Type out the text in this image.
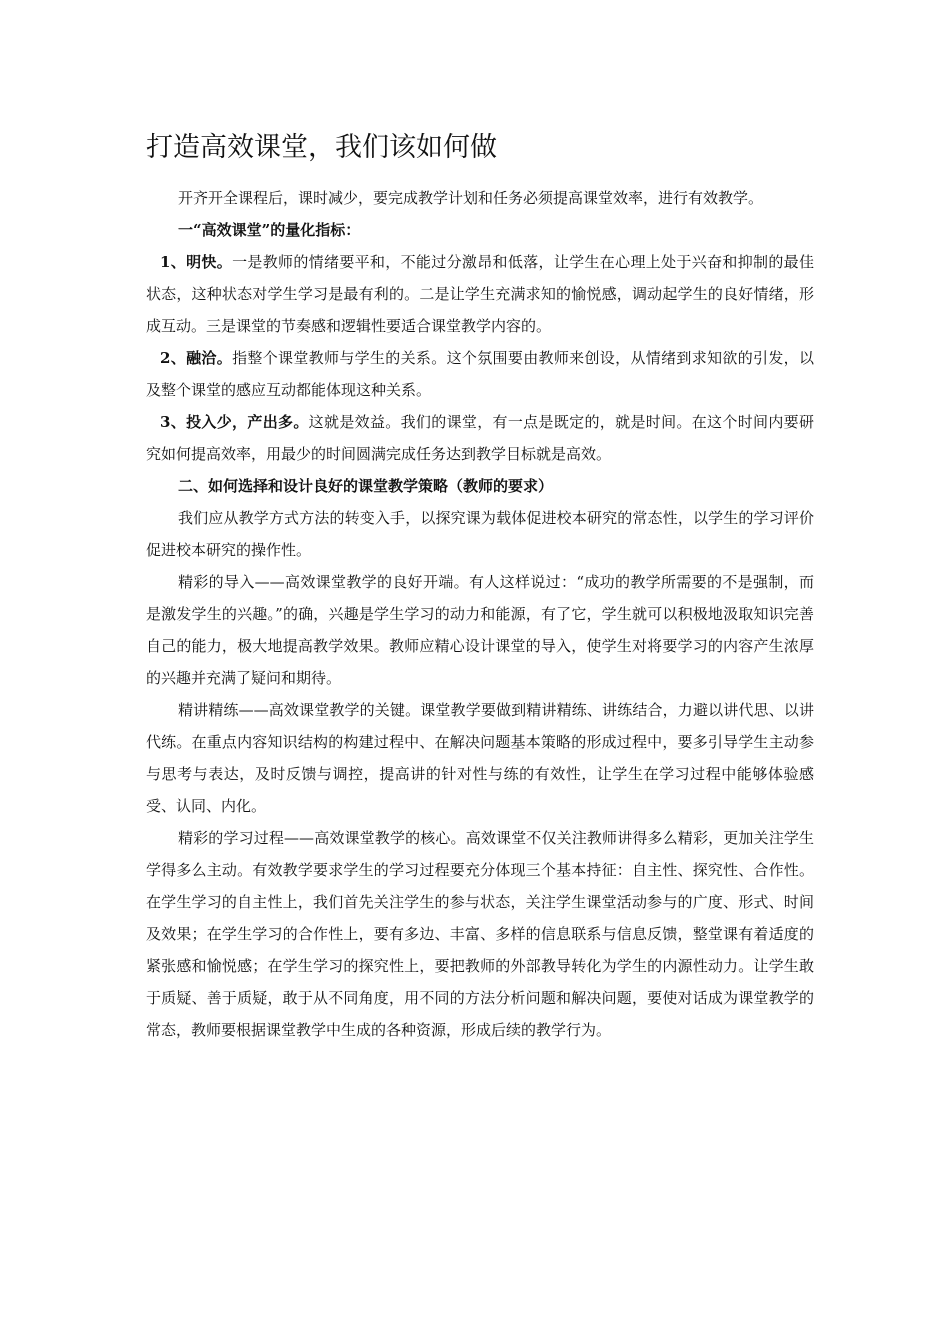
打造高效课堂，我们该如何做

开齐开全课程后，课时减少，要完成教学计划和任务必须提高课堂效率，进行有效教学。

一“高效课堂”的量化指标：

1、明快。一是教师的情绪要平和，不能过分激昂和低落，让学生在心理上处于兴奋和抑制的最佳状态，这种状态对学生学习是最有利的。二是让学生充满求知的愉悦感，调动起学生的良好情绪，形成互动。三是课堂的节奏感和逻辑性要适合课堂教学内容的。

2、融洽。指整个课堂教师与学生的关系。这个氛围要由教师来创设，从情绪到求知欲的引发，以及整个课堂的感应互动都能体现这种关系。

3、投入少，产出多。这就是效益。我们的课堂，有一点是既定的，就是时间。在这个时间内要研究如何提高效率，用最少的时间圆满完成任务达到教学目标就是高效。

二、如何选择和设计良好的课堂教学策略（教师的要求）

我们应从教学方式方法的转变入手，以探究课为载体促进校本研究的常态性，以学生的学习评价促进校本研究的操作性。

精彩的导入——高效课堂教学的良好开端。有人这样说过：“成功的教学所需要的不是强制，而是激发学生的兴趣。”的确，兴趣是学生学习的动力和能源，有了它，学生就可以积极地汲取知识完善自己的能力，极大地提高教学效果。教师应精心设计课堂的导入，使学生对将要学习的内容产生浓厚的兴趣并充满了疑问和期待。

精讲精练——高效课堂教学的关键。课堂教学要做到精讲精练、讲练结合，力避以讲代思、以讲代练。在重点内容知识结构的构建过程中、在解决问题基本策略的形成过程中，要多引导学生主动参与思考与表达，及时反馈与调控，提高讲的针对性与练的有效性，让学生在学习过程中能够体验感受、认同、内化。

精彩的学习过程——高效课堂教学的核心。高效课堂不仅关注教师讲得多么精彩，更加关注学生学得多么主动。有效教学要求学生的学习过程要充分体现三个基本持征：自主性、探究性、合作性。在学生学习的自主性上，我们首先关注学生的参与状态，关注学生课堂活动参与的广度、形式、时间及效果；在学生学习的合作性上，要有多边、丰富、多样的信息联系与信息反馈，整堂课有着适度的紧张感和愉悦感；在学生学习的探究性上，要把教师的外部教导转化为学生的内源性动力。让学生敢于质疑、善于质疑，敢于从不同角度，用不同的方法分析问题和解决问题，要使对话成为课堂教学的常态，教师要根据课堂教学中生成的各种资源，形成后续的教学行为。
